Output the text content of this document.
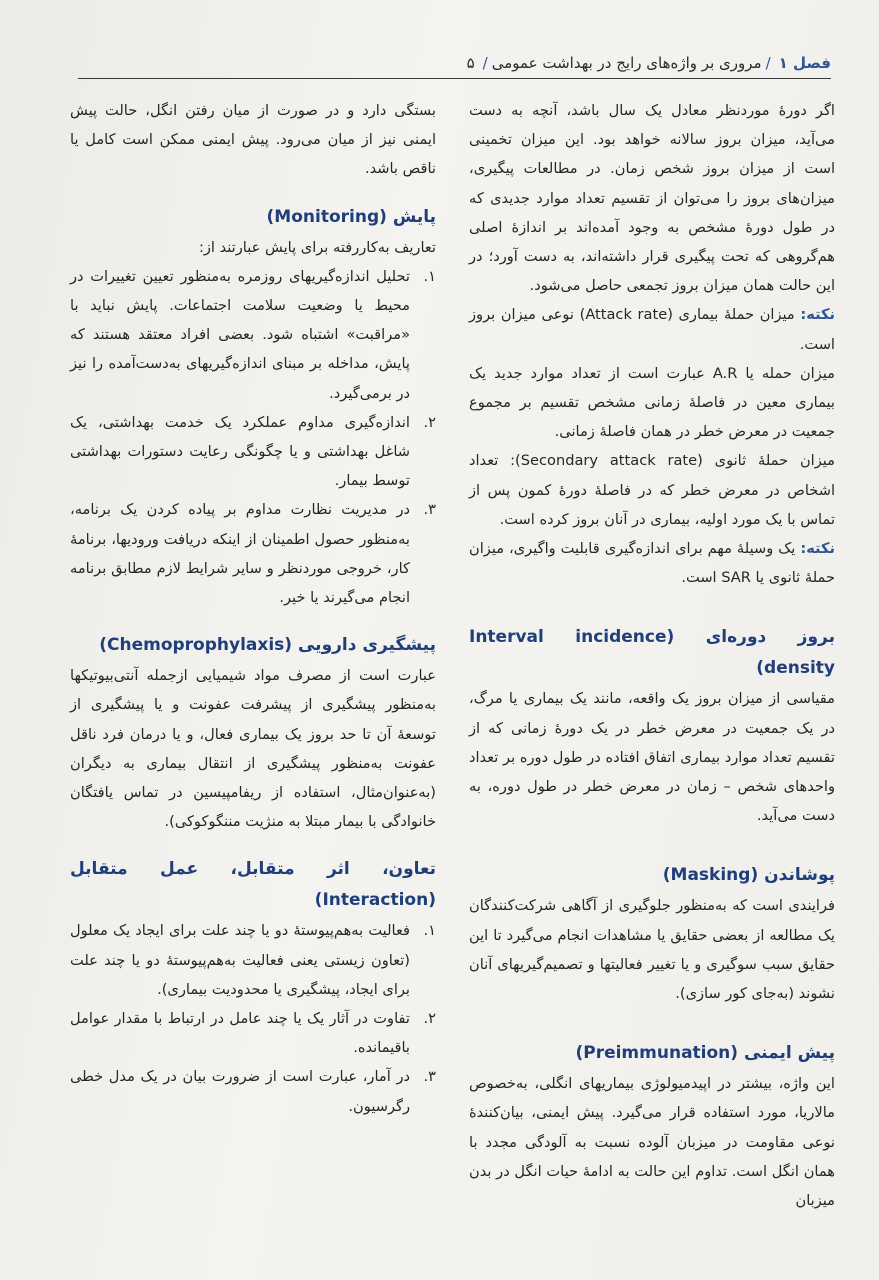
فصل ۱
/
مروری بر واژه‌های رایج در بهداشت عمومی
/
۵

اگر دورهٔ موردنظر معادل یک سال باشد، آنچه به دست می‌آید، میزان بروز سالانه خواهد بود. این میزان تخمینی است از میزان بروز شخص زمان. در مطالعات پیگیری، میزان‌های بروز را می‌توان از تقسیم تعداد موارد جدیدی که در طول دورهٔ مشخص به وجود آمده‌اند بر اندازهٔ اصلی هم‌گروهی که تحت پیگیری قرار داشته‌اند، به دست آورد؛ در این حالت همان میزان بروز تجمعی حاصل می‌شود.

نکته: میزان حملهٔ بیماری (Attack rate) نوعی میزان بروز است.

میزان حمله یا A.R عبارت است از تعداد موارد جدید یک بیماری معین در فاصلهٔ زمانی مشخص تقسیم بر مجموع جمعیت در معرض خطر در همان فاصلهٔ زمانی.

میزان حملهٔ ثانوی (Secondary attack rate): تعداد اشخاص در معرض خطر که در فاصلهٔ دورهٔ کمون پس از تماس با یک مورد اولیه، بیماری در آنان بروز کرده است.

نکته: یک وسیلهٔ مهم برای اندازه‌گیری قابلیت واگیری، میزان حملهٔ ثانوی یا SAR است.

بروز دوره‌ای (Interval incidence density)

مقیاسی از میزان بروز یک واقعه، مانند یک بیماری یا مرگ، در یک جمعیت در معرض خطر در یک دورهٔ زمانی که از تقسیم تعداد موارد بیماری اتفاق افتاده در طول دوره بر تعداد واحدهای شخص – زمان در معرض خطر در طول دوره، به دست می‌آید.

پوشاندن (Masking)

فرایندی است که به‌منظور جلوگیری از آگاهی شرکت‌کنندگان یک مطالعه از بعضی حقایق یا مشاهدات انجام می‌گیرد تا این حقایق سبب سوگیری و یا تغییر فعالیتها و تصمیم‌گیریهای آنان نشوند (به‌جای کور سازی).

پیش ایمنی (Preimmunation)

این واژه، بیشتر در اپیدمیولوژی بیماریهای انگلی، به‌خصوص مالاریا، مورد استفاده قرار می‌گیرد. پیش ایمنی، بیان‌کنندهٔ نوعی مقاومت در میزبان آلوده نسبت به آلودگی مجدد با همان انگل است. تداوم این حالت به ادامهٔ حیات انگل در بدن میزبان

بستگی دارد و در صورت از میان رفتن انگل، حالت پیش ایمنی نیز از میان می‌رود. پیش ایمنی ممکن است کامل یا ناقص باشد.

پایش (Monitoring)

تعاریف به‌کاررفته برای پایش عبارتند از:

۱.
تحلیل اندازه‌گیریهای روزمره به‌منظور تعیین تغییرات در محیط یا وضعیت سلامت اجتماعات. پایش نباید با «مراقبت» اشتباه شود. بعضی افراد معتقد هستند که پایش، مداخله بر مبنای اندازه‌گیریهای به‌دست‌آمده را نیز در برمی‌گیرد.
۲.
اندازه‌گیری مداوم عملکرد یک خدمت بهداشتی، یک شاغل بهداشتی و یا چگونگی رعایت دستورات بهداشتی توسط بیمار.
۳.
در مدیریت نظارت مداوم بر پیاده کردن یک برنامه، به‌منظور حصول اطمینان از اینکه دریافت ورودیها، برنامهٔ کار، خروجی موردنظر و سایر شرایط لازم مطابق برنامه انجام می‌گیرند یا خیر.
پیشگیری دارویی (Chemoprophylaxis)

عبارت است از مصرف مواد شیمیایی ازجمله آنتی‌بیوتیکها به‌منظور پیشگیری از پیشرفت عفونت و یا پیشگیری از توسعهٔ آن تا حد بروز یک بیماری فعال، و یا درمان فرد ناقل عفونت به‌منظور پیشگیری از انتقال بیماری به دیگران (به‌عنوان‌مثال، استفاده از ریفامپیسین در تماس یافتگان خانوادگی با بیمار مبتلا به منژیت مننگوکوکی).

تعاون، اثر متقابل، عمل متقابل (Interaction)
۱.
فعالیت به‌هم‌پیوستهٔ دو یا چند علت برای ایجاد یک معلول (تعاون زیستی یعنی فعالیت به‌هم‌پیوستهٔ دو یا چند علت برای ایجاد، پیشگیری یا محدودیت بیماری).
۲.
تفاوت در آثار یک یا چند عامل در ارتباط با مقدار عوامل باقیمانده.
۳.
در آمار، عبارت است از ضرورت بیان در یک مدل خطی رگرسیون.
